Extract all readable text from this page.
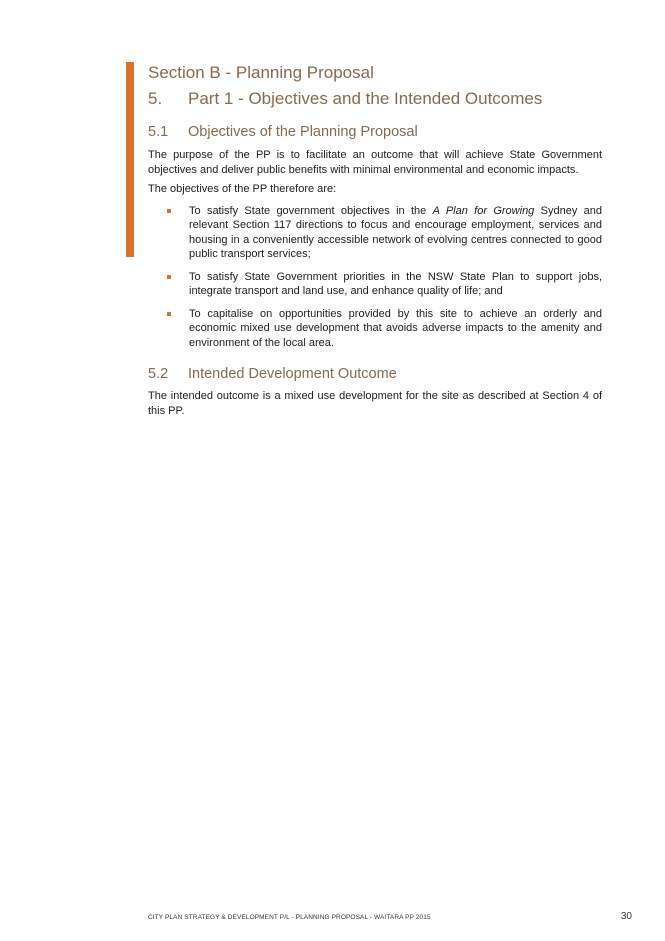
Section B - Planning Proposal
5.	Part 1 - Objectives and the Intended Outcomes
5.1	Objectives of the Planning Proposal

The purpose of the PP is to facilitate an outcome that will achieve State Government objectives and deliver public benefits with minimal environmental and economic impacts.

The objectives of the PP therefore are:

To satisfy State government objectives in the A Plan for Growing Sydney and relevant Section 117 directions to focus and encourage employment, services and housing in a conveniently accessible network of evolving centres connected to good public transport services;
To satisfy State Government priorities in the NSW State Plan to support jobs, integrate transport and land use, and enhance quality of life; and
To capitalise on opportunities provided by this site to achieve an orderly and economic mixed use development that avoids adverse impacts to the amenity and environment of the local area.
5.2	Intended Development Outcome

The intended outcome is a mixed use development for the site as described at Section 4 of this PP.

CITY PLAN STRATEGY & DEVELOPMENT P/L - PLANNING PROPOSAL - WAITARA PP 2015	30
